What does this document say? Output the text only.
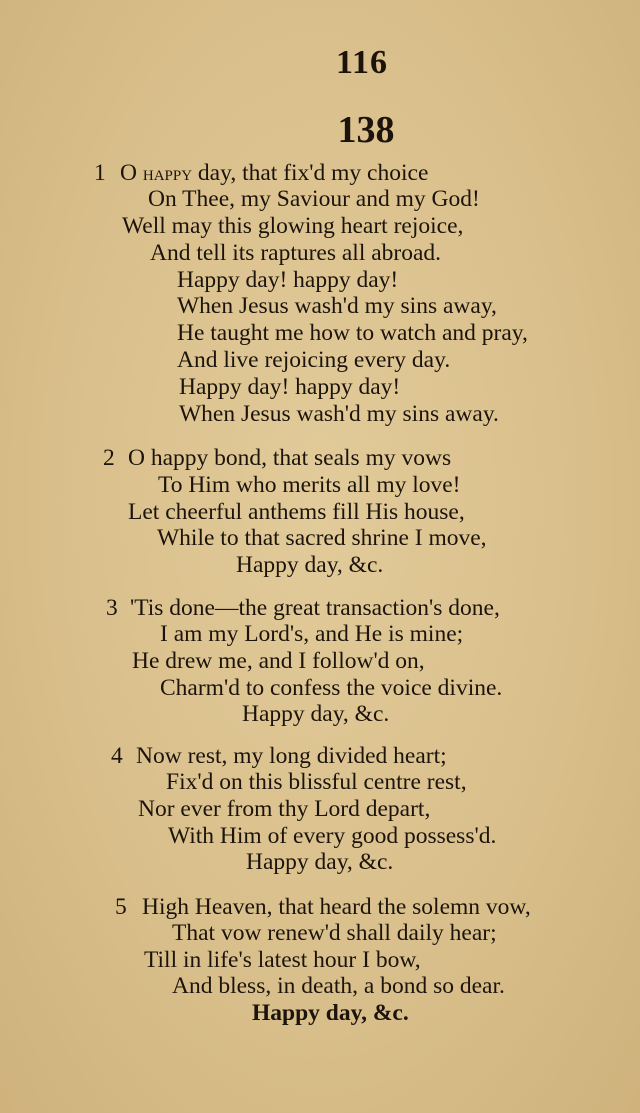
116
138
1 O happy day, that fix'd my choice
On Thee, my Saviour and my God!
Well may this glowing heart rejoice,
And tell its raptures all abroad.
Happy day! happy day!
When Jesus wash'd my sins away,
He taught me how to watch and pray,
And live rejoicing every day.
Happy day! happy day!
When Jesus wash'd my sins away.
2 O happy bond, that seals my vows
To Him who merits all my love!
Let cheerful anthems fill His house,
While to that sacred shrine I move,
Happy day, &c.
3 'Tis done—the great transaction's done,
I am my Lord's, and He is mine;
He drew me, and I follow'd on,
Charm'd to confess the voice divine.
Happy day, &c.
4 Now rest, my long divided heart;
Fix'd on this blissful centre rest,
Nor ever from thy Lord depart,
With Him of every good possess'd.
Happy day, &c.
5 High Heaven, that heard the solemn vow,
That vow renew'd shall daily hear;
Till in life's latest hour I bow,
And bless, in death, a bond so dear.
Happy day, &c.
